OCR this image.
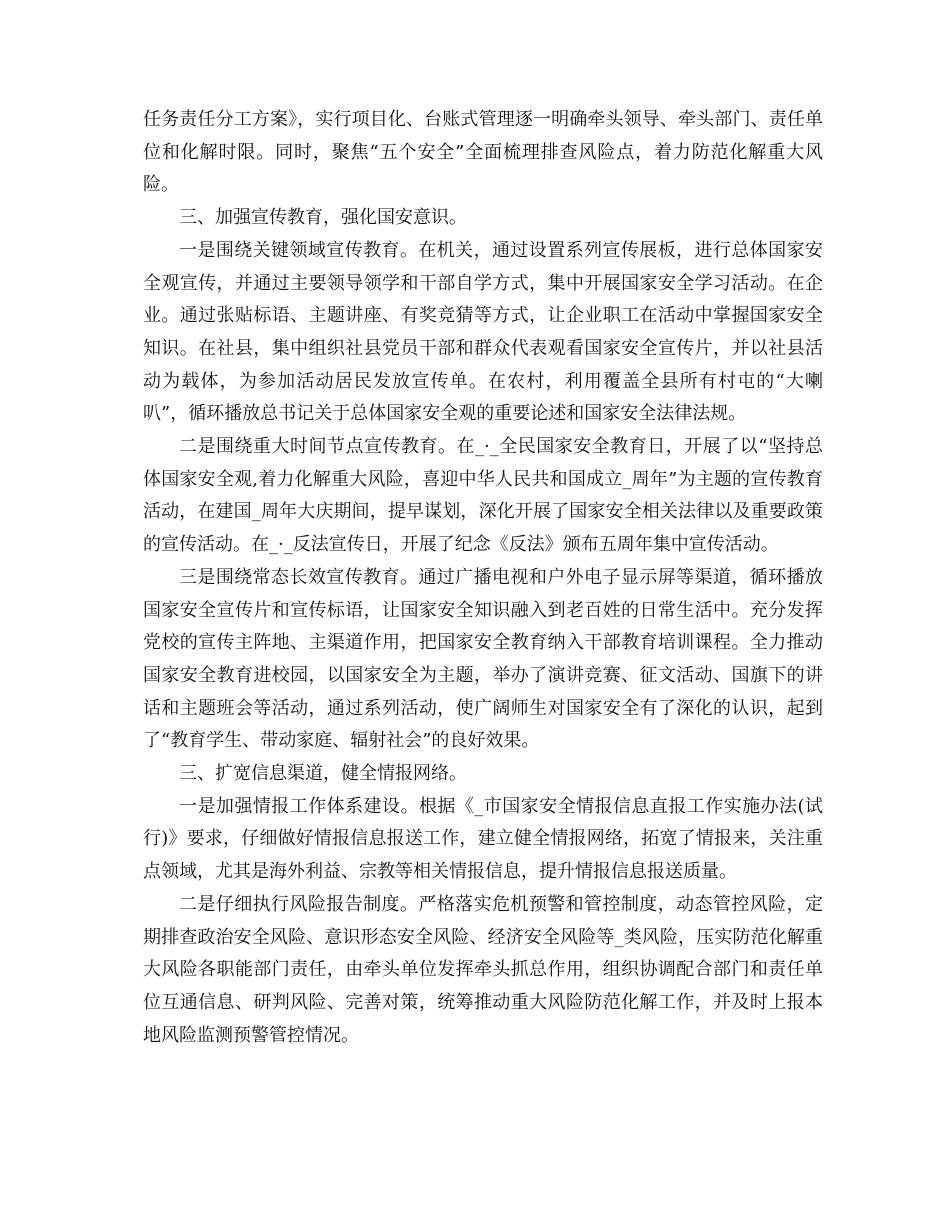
任务责任分工方案》，实行项目化、台账式管理逐一明确牵头领导、牵头部门、责任单位和化解时限。同时，聚焦“五个安全”全面梳理排查风险点，着力防范化解重大风险。

三、加强宣传教育，强化国安意识。

一是围绕关键领域宣传教育。在机关，通过设置系列宣传展板，进行总体国家安全观宣传，并通过主要领导领学和干部自学方式，集中开展国家安全学习活动。在企业。通过张贴标语、主题讲座、有奖竞猜等方式，让企业职工在活动中掌握国家安全知识。在社县，集中组织社县党员干部和群众代表观看国家安全宣传片，并以社县活动为载体，为参加活动居民发放宣传单。在农村，利用覆盖全县所有村屯的“大喇叭”，循环播放总书记关于总体国家安全观的重要论述和国家安全法律法规。

二是围绕重大时间节点宣传教育。在_·_全民国家安全教育日，开展了以“坚持总体国家安全观,着力化解重大风险，喜迎中华人民共和国成立_周年”为主题的宣传教育活动，在建国_周年大庆期间，提早谋划，深化开展了国家安全相关法律以及重要政策的宣传活动。在_·_反法宣传日，开展了纪念《反法》颁布五周年集中宣传活动。

三是围绕常态长效宣传教育。通过广播电视和户外电子显示屏等渠道，循环播放国家安全宣传片和宣传标语，让国家安全知识融入到老百姓的日常生活中。充分发挥党校的宣传主阵地、主渠道作用，把国家安全教育纳入干部教育培训课程。全力推动国家安全教育进校园，以国家安全为主题，举办了演讲竞赛、征文活动、国旗下的讲话和主题班会等活动，通过系列活动，使广阔师生对国家安全有了深化的认识，起到了“教育学生、带动家庭、辐射社会”的良好效果。

三、扩宽信息渠道，健全情报网络。

一是加强情报工作体系建设。根据《_市国家安全情报信息直报工作实施办法(试行)》要求，仔细做好情报信息报送工作，建立健全情报网络，拓宽了情报来，关注重点领域，尤其是海外利益、宗教等相关情报信息，提升情报信息报送质量。

二是仔细执行风险报告制度。严格落实危机预警和管控制度，动态管控风险，定期排查政治安全风险、意识形态安全风险、经济安全风险等_类风险，压实防范化解重大风险各职能部门责任，由牵头单位发挥牵头抓总作用，组织协调配合部门和责任单位互通信息、研判风险、完善对策，统筹推动重大风险防范化解工作，并及时上报本地风险监测预警管控情况。
